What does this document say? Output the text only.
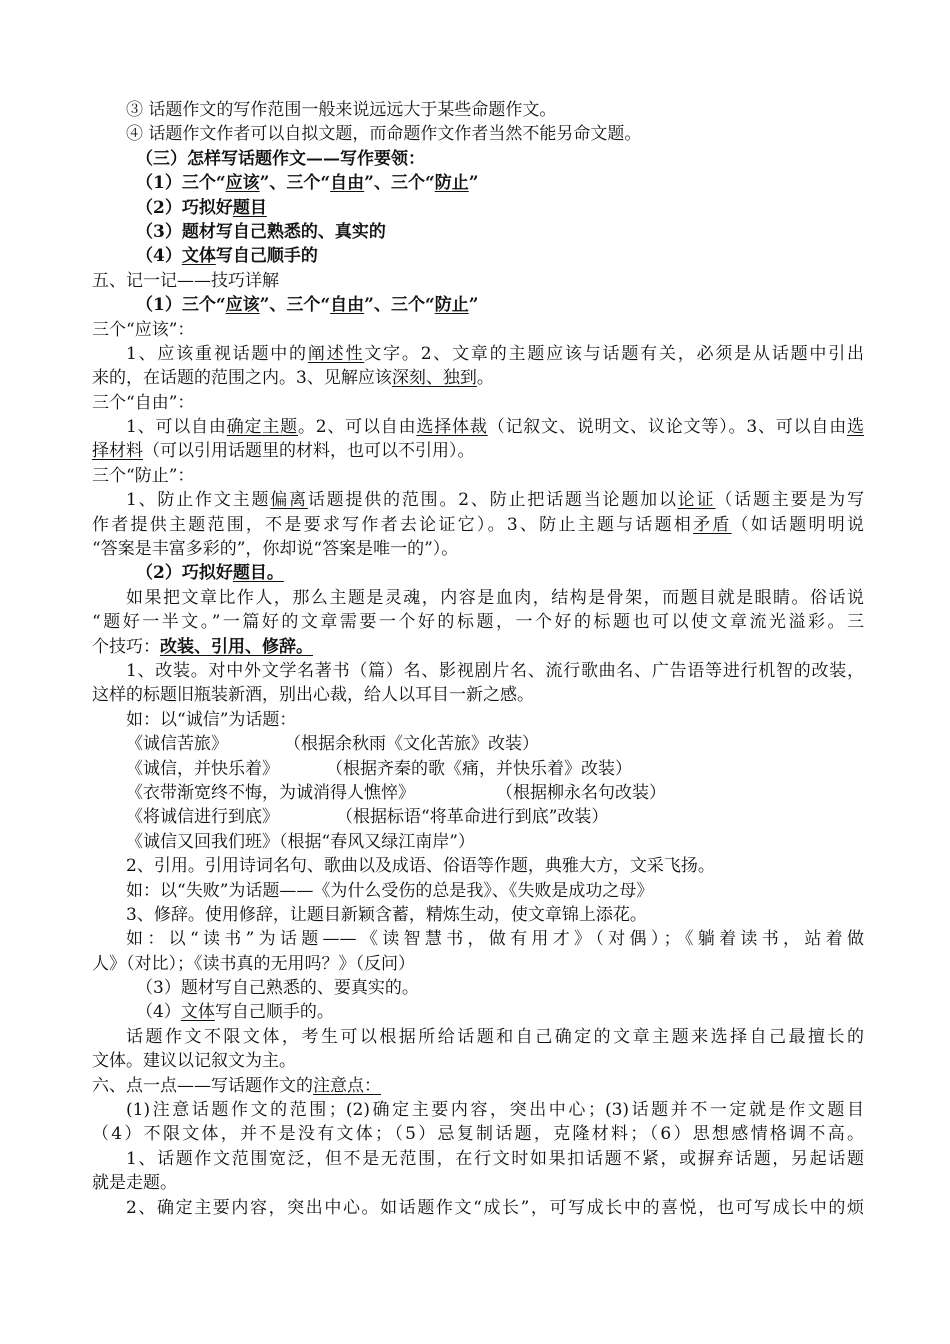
③ 话题作文的写作范围一般来说远远大于某些命题作文。
④ 话题作文作者可以自拟文题，而命题作文作者当然不能另命文题。
（三）怎样写话题作文——写作要领：
（1）三个“应该”、三个“自由”、三个“防止”
（2）巧拟好题目
（3）题材写自己熟悉的、真实的
（4）文体写自己顺手的
五、记一记——技巧详解
（1）三个“应该”、三个“自由”、三个“防止”
三个“应该”：
1、应该重视话题中的阐述性文字。2、文章的主题应该与话题有关，必须是从话题中引出
来的，在话题的范围之内。3、见解应该深刻、独到。
三个“自由”：
1、可以自由确定主题。2、可以自由选择体裁（记叙文、说明文、议论文等）。3、可以自由选
择材料（可以引用话题里的材料，也可以不引用）。
三个“防止”：
1、防止作文主题偏离话题提供的范围。2、防止把话题当论题加以论证（话题主要是为写
作者提供主题范围，不是要求写作者去论证它）。3、防止主题与话题相矛盾（如话题明明说
“答案是丰富多彩的”，你却说“答案是唯一的”）。
（2）巧拟好题目。
如果把文章比作人，那么主题是灵魂，内容是血肉，结构是骨架，而题目就是眼睛。俗话说
“题好一半文。”一篇好的文章需要一个好的标题，一个好的标题也可以使文章流光溢彩。三
个技巧：改装、引用、修辞。
1、改装。对中外文学名著书（篇）名、影视剧片名、流行歌曲名、广告语等进行机智的改装，
这样的标题旧瓶装新酒，别出心裁，给人以耳目一新之感。
如：以“诚信”为话题：
《诚信苦旅》	（根据余秋雨《文化苦旅》改装）
《诚信，并快乐着》	（根据齐秦的歌《痛，并快乐着》改装）
《衣带渐宽终不悔，为诚消得人憔悴》	（根据柳永名句改装）
《将诚信进行到底》	（根据标语“将革命进行到底”改装）
《诚信又回我们班》（根据“春风又绿江南岸”）
2、引用。引用诗词名句、歌曲以及成语、俗语等作题，典雅大方，文采飞扬。
如：以“失败”为话题——《为什么受伤的总是我》、《失败是成功之母》
3、修辞。使用修辞，让题目新颖含蓄，精炼生动，使文章锦上添花。
如：以“读书”为话题——《读智慧书，做有用才》（对偶）；《躺着读书，站着做
人》（对比）；《读书真的无用吗？》（反问）
（3）题材写自己熟悉的、要真实的。
（4）文体写自己顺手的。
话题作文不限文体，考生可以根据所给话题和自己确定的文章主题来选择自己最擅长的
文体。建议以记叙文为主。
六、点一点——写话题作文的注意点：
(1)注意话题作文的范围；(2)确定主要内容，突出中心；(3)话题并不一定就是作文题目
（4）不限文体，并不是没有文体；（5）忌复制话题，克隆材料；（6）思想感情格调不高。
1、话题作文范围宽泛，但不是无范围，在行文时如果扣话题不紧，或摒弃话题，另起话题
就是走题。
2、确定主要内容，突出中心。如话题作文“成长”，可写成长中的喜悦，也可写成长中的烦
